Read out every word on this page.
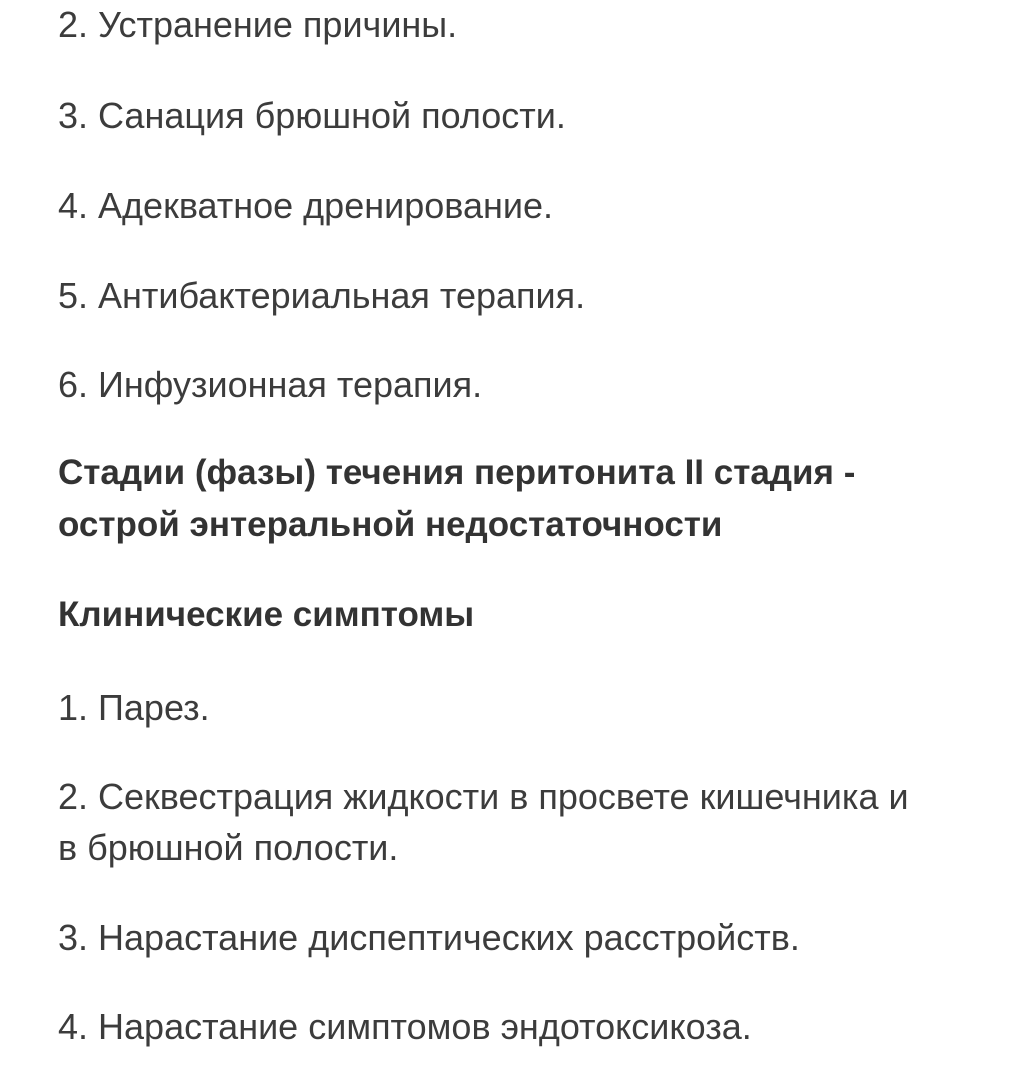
2. Устранение причины.

3. Санация брюшной полости.

4. Адекватное дренирование.

5. Антибактериальная терапия.

6. Инфузионная терапия.

Стадии (фазы) течения перитонита II стадия -

острой энтеральной недостаточности

Клинические симптомы

1. Парез.

2. Секвестрация жидкости в просвете кишечника и

в брюшной полости.

3. Нарастание диспептических расстройств.

4. Нарастание симптомов эндотоксикоза.
